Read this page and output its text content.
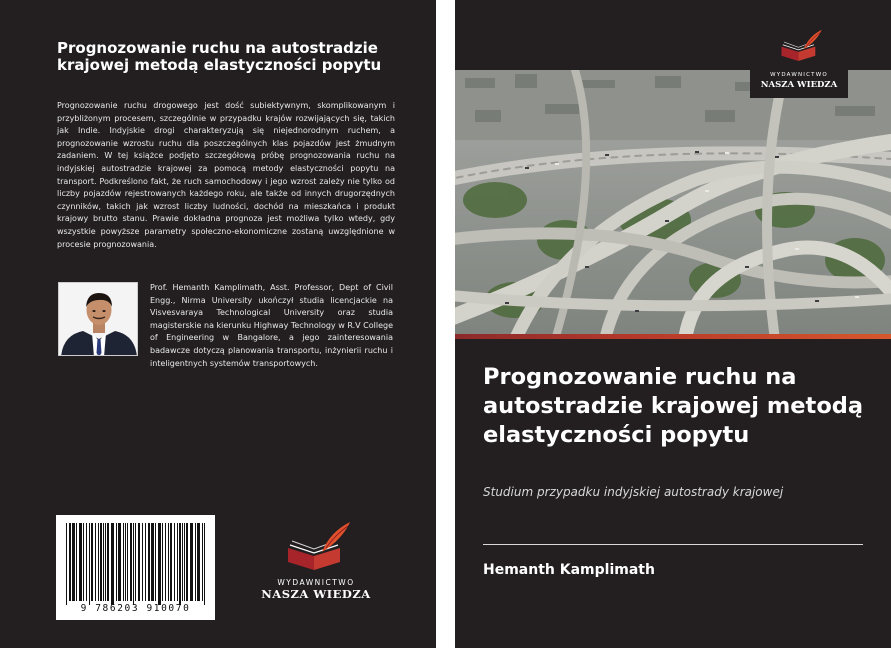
Prognozowanie ruchu na autostradzie krajowej metodą elastyczności popytu
Prognozowanie ruchu drogowego jest dość subiektywnym, skomplikowanym i przybliżonym procesem, szczególnie w przypadku krajów rozwijających się, takich jak Indie. Indyjskie drogi charakteryzują się niejednorodnym ruchem, a prognozowanie wzrostu ruchu dla poszczególnych klas pojazdów jest żmudnym zadaniem. W tej książce podjęto szczegółową próbę prognozowania ruchu na indyjskiej autostradzie krajowej za pomocą metody elastyczności popytu na transport. Podkreślono fakt, że ruch samochodowy i jego wzrost zależy nie tylko od liczby pojazdów rejestrowanych każdego roku, ale także od innych drugorzędnych czynników, takich jak wzrost liczby ludności, dochód na mieszkańca i produkt krajowy brutto stanu. Prawie dokładna prognoza jest możliwa tylko wtedy, gdy wszystkie powyższe parametry społeczno-ekonomiczne zostaną uwzględnione w procesie prognozowania.
Prof. Hemanth Kamplimath, Asst. Professor, Dept of Civil Engg., Nirma University ukończył studia licencjackie na Visvesvaraya Technological University oraz studia magisterskie na kierunku Highway Technology w R.V College of Engineering w Bangalore, a jego zainteresowania badawcze dotyczą planowania transportu, inżynierii ruchu i inteligentnych systemów transportowych.
9 786203 910070
WYDAWNICTWO
NASZA WIEDZA
WYDAWNICTWO
NASZA WIEDZA
Prognozowanie ruchu na autostradzie krajowej metodą elastyczności popytu
Studium przypadku indyjskiej autostrady krajowej
Hemanth Kamplimath
